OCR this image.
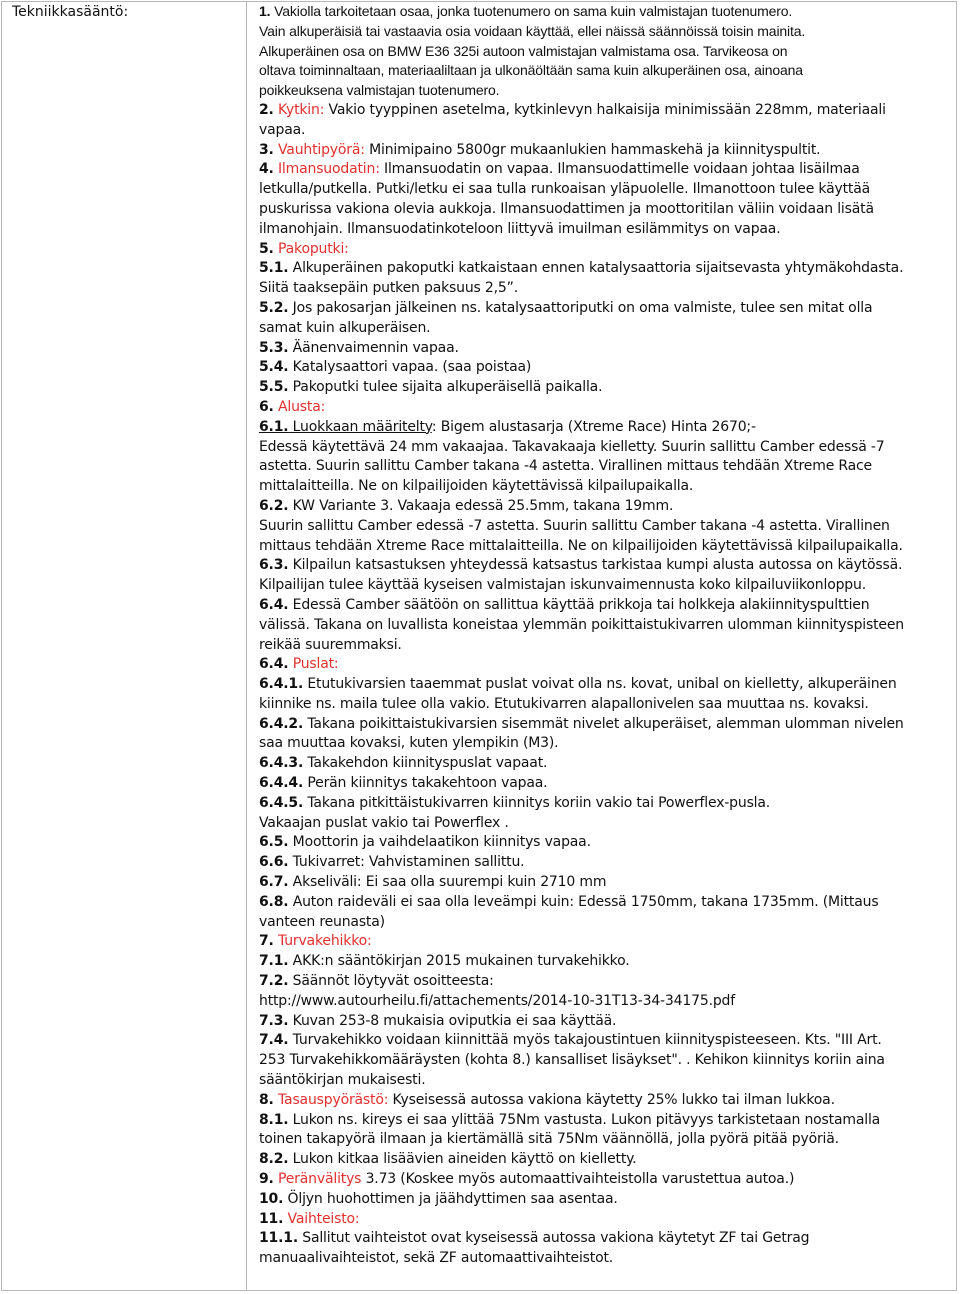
Tekniikkasääntö:	1. Vakiolla tarkoitetaan osaa, jonka tuotenumero on sama kuin valmistajan tuotenumero.
Vain alkuperäisiä tai vastaavia osia voidaan käyttää, ellei näissä säännöissä toisin mainita.
Alkuperäinen osa on BMW E36 325i autoon valmistajan valmistama osa. Tarvikeosa on
oltava toiminnaltaan, materiaaliltaan ja ulkonäöltään sama kuin alkuperäinen osa, ainoana
poikkeuksena valmistajan tuotenumero.
2. Kytkin: Vakio tyyppinen asetelma, kytkinlevyn halkaisija minimissään 228mm, materiaali
vapaa.
3. Vauhtipyörä: Minimipaino 5800gr mukaanlukien hammaskehä ja kiinnityspultit.
4. Ilmansuodatin: Ilmansuodatin on vapaa. Ilmansuodattimelle voidaan johtaa lisäilmaa
letkulla/putkella. Putki/letku ei saa tulla runkoaisan yläpuolelle. Ilmanottoon tulee käyttää
puskurissa vakiona olevia aukkoja. Ilmansuodattimen ja moottoritilan väliin voidaan lisätä
ilmanohjain. Ilmansuodatinkoteloon liittyvä imuilman esilämmitys on vapaa.
5. Pakoputki:
5.1. Alkuperäinen pakoputki katkaistaan ennen katalysaattoria sijaitsevasta yhtymäkohdasta.
Siitä taaksepäin putken paksuus 2,5”.
5.2. Jos pakosarjan jälkeinen ns. katalysaattoriputki on oma valmiste, tulee sen mitat olla
samat kuin alkuperäisen.
5.3. Äänenvaimennin vapaa.
5.4. Katalysaattori vapaa. (saa poistaa)
5.5. Pakoputki tulee sijaita alkuperäisellä paikalla.
6. Alusta:
6.1. Luokkaan määritelty: Bigem alustasarja (Xtreme Race) Hinta 2670;-
Edessä käytettävä 24 mm vakaajaa. Takavakaaja kielletty. Suurin sallittu Camber edessä -7
astetta. Suurin sallittu Camber takana -4 astetta. Virallinen mittaus tehdään Xtreme Race
mittalaitteilla. Ne on kilpailijoiden käytettävissä kilpailupaikalla.
6.2. KW Variante 3. Vakaaja edessä 25.5mm, takana 19mm.
Suurin sallittu Camber edessä -7 astetta. Suurin sallittu Camber takana -4 astetta. Virallinen
mittaus tehdään Xtreme Race mittalaitteilla. Ne on kilpailijoiden käytettävissä kilpailupaikalla.
6.3. Kilpailun katsastuksen yhteydessä katsastus tarkistaa kumpi alusta autossa on käytössä.
Kilpailijan tulee käyttää kyseisen valmistajan iskunvaimennusta koko kilpailuviikonloppu.
6.4. Edessä Camber säätöön on sallittua käyttää prikkoja tai holkkeja alakiinnityspulttien
välissä. Takana on luvallista koneistaa ylemmän poikittaistukivarren ulomman kiinnityspisteen
reikää suuremmaksi.
6.4. Puslat:
6.4.1. Etutukivarsien taaemmat puslat voivat olla ns. kovat, unibal on kielletty, alkuperäinen
kiinnike ns. maila tulee olla vakio. Etutukivarren alapallonivelen saa muuttaa ns. kovaksi.
6.4.2. Takana poikittaistukivarsien sisemmät nivelet alkuperäiset, alemman ulomman nivelen
saa muuttaa kovaksi, kuten ylempikin (M3).
6.4.3. Takakehdon kiinnityspuslat vapaat.
6.4.4. Perän kiinnitys takakehtoon vapaa.
6.4.5. Takana pitkittäistukivarren kiinnitys koriin vakio tai Powerflex-pusla.
Vakaajan puslat vakio tai Powerflex .
6.5. Moottorin ja vaihdelaatikon kiinnitys vapaa.
6.6. Tukivarret: Vahvistaminen sallittu.
6.7. Akseliväli: Ei saa olla suurempi kuin 2710 mm
6.8. Auton raideväli ei saa olla leveämpi kuin: Edessä 1750mm, takana 1735mm. (Mittaus
vanteen reunasta)
7. Turvakehikko:
7.1. AKK:n sääntökirjan 2015 mukainen turvakehikko.
7.2. Säännöt löytyvät osoitteesta:
http://www.autourheilu.fi/attachements/2014-10-31T13-34-34175.pdf
7.3. Kuvan 253-8 mukaisia oviputkia ei saa käyttää.
7.4. Turvakehikko voidaan kiinnittää myös takajoustintuen kiinnityspisteeseen. Kts. "III Art.
253 Turvakehikkomääräysten (kohta 8.) kansalliset lisäykset". . Kehikon kiinnitys koriin aina
sääntökirjan mukaisesti.
8. Tasauspyörästö: Kyseisessä autossa vakiona käytetty 25% lukko tai ilman lukkoa.
8.1. Lukon ns. kireys ei saa ylittää 75Nm vastusta. Lukon pitävyys tarkistetaan nostamalla
toinen takapyörä ilmaan ja kiertämällä sitä 75Nm väännöllä, jolla pyörä pitää pyöriä.
8.2. Lukon kitkaa lisäävien aineiden käyttö on kielletty.
9. Peränvälitys 3.73 (Koskee myös automaattivaihteistolla varustettua autoa.)
10. Öljyn huohottimen ja jäähdyttimen saa asentaa.
11. Vaihteisto:
11.1. Sallitut vaihteistot ovat kyseisessä autossa vakiona käytetyt ZF tai Getrag
manuaalivaihteistot, sekä ZF automaattivaihteistot.
